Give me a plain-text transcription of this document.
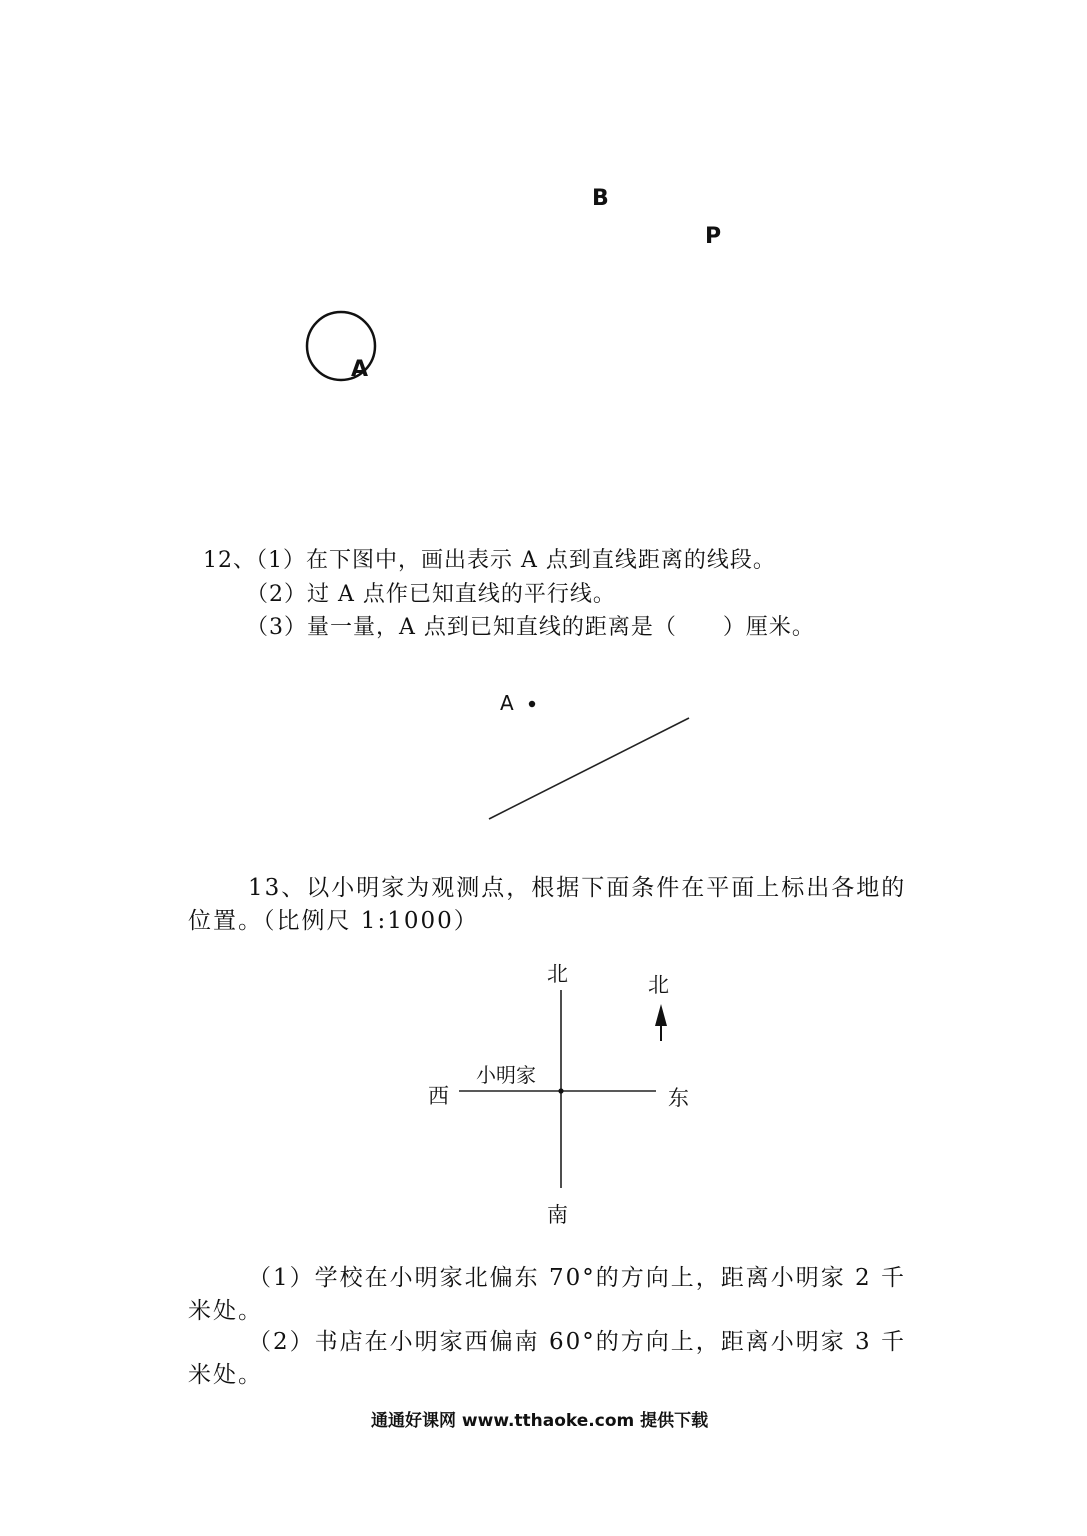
B
P
A
12、（1）在下图中，画出表示 A 点到直线距离的线段。
（2）过 A 点作已知直线的平行线。
（3）量一量，A 点到已知直线的距离是（　　）厘米。
A
13、以小明家为观测点，根据下面条件在平面上标出各地的
位置。（比例尺 1:1000）
北
南
西	东
小明家
北
（1）学校在小明家北偏东 70°的方向上，距离小明家 2 千
米处。
（2）书店在小明家西偏南 60°的方向上，距离小明家 3 千
米处。
通通好课网 www.tthaoke.com 提供下载
